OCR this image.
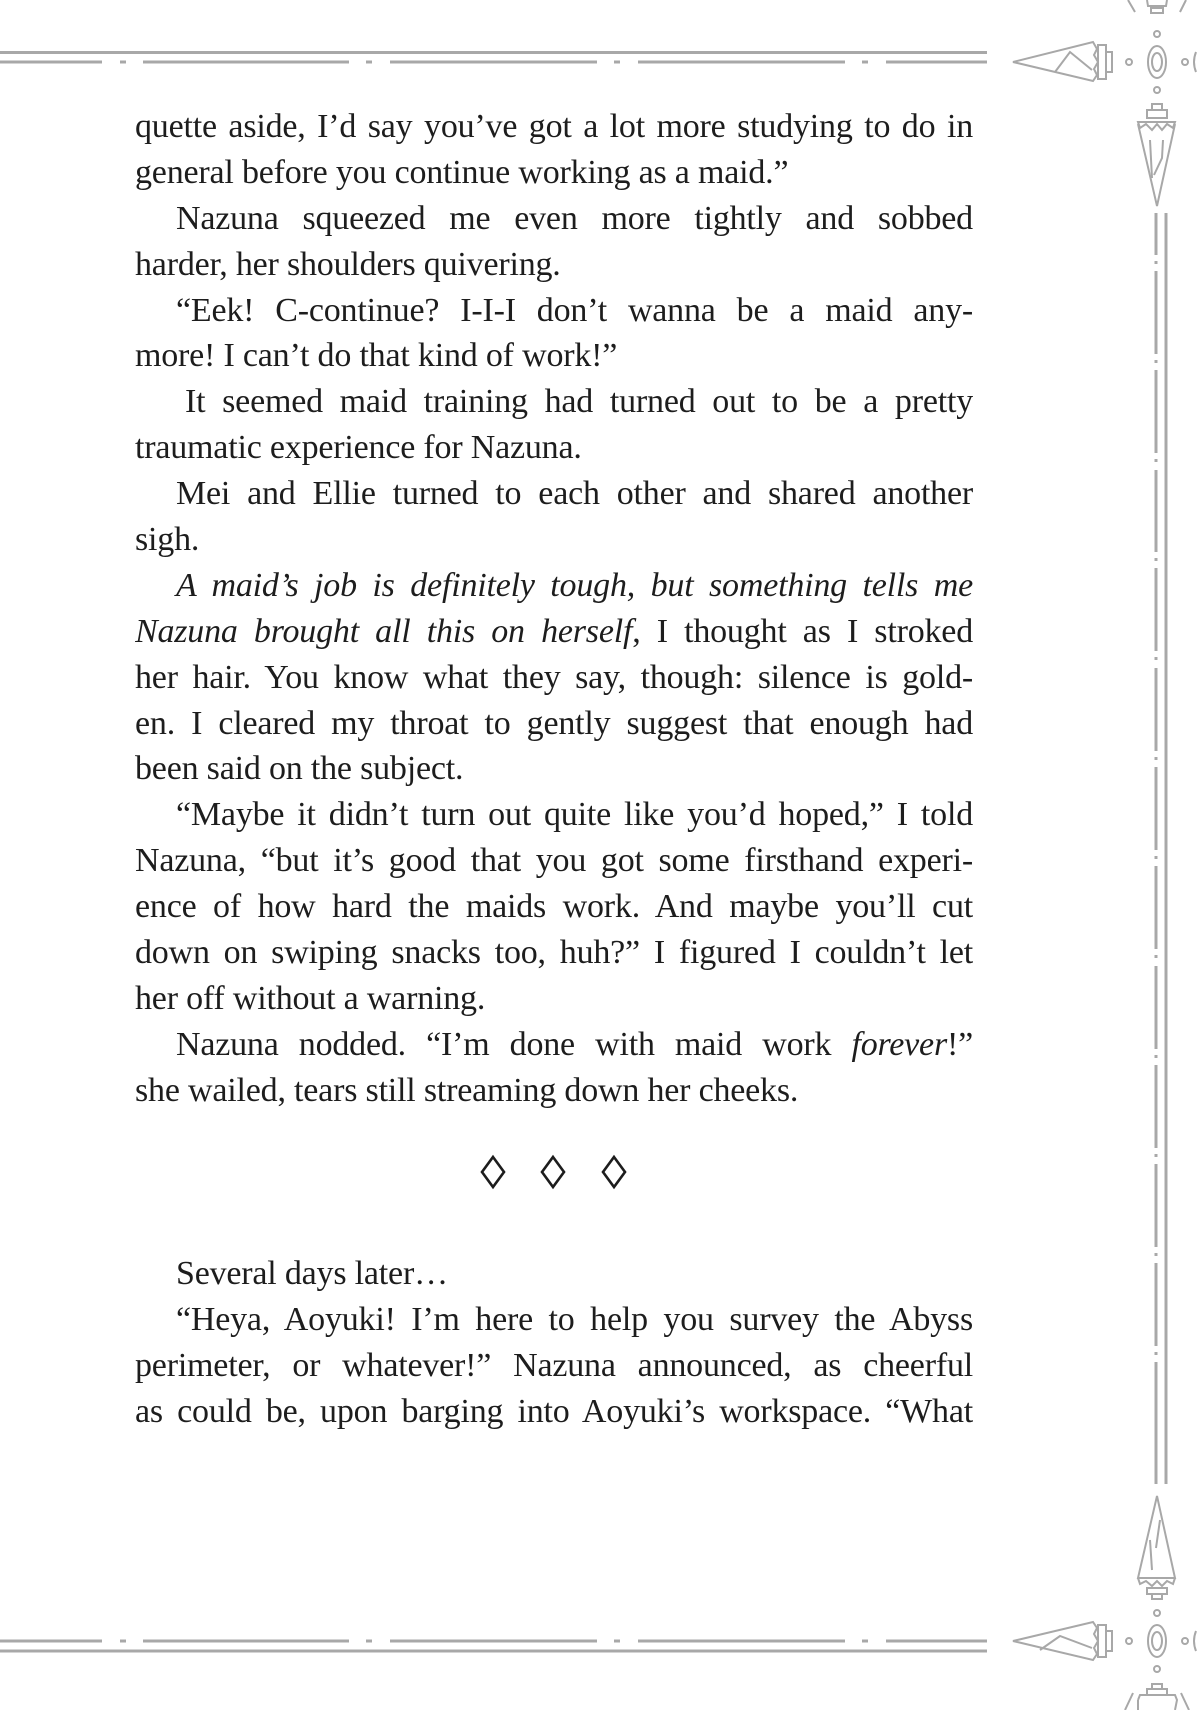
quette aside, I’d say you’ve got a lot more studying to do in
general before you continue working as a maid.”
Nazuna squeezed me even more tightly and sobbed
harder, her shoulders quivering.
“Eek! C-continue? I-I-I don’t wanna be a maid any-
more! I can’t do that kind of work!”
It seemed maid training had turned out to be a pretty
traumatic experience for Nazuna.
Mei and Ellie turned to each other and shared another
sigh.
A maid’s job is definitely tough, but something tells me
Nazuna brought all this on herself, I thought as I stroked
her hair. You know what they say, though: silence is gold-
en. I cleared my throat to gently suggest that enough had
been said on the subject.
“Maybe it didn’t turn out quite like you’d hoped,” I told
Nazuna, “but it’s good that you got some firsthand experi-
ence of how hard the maids work. And maybe you’ll cut
down on swiping snacks too, huh?” I figured I couldn’t let
her off without a warning.
Nazuna nodded. “I’m done with maid work forever!”
she wailed, tears still streaming down her cheeks.
Several days later…
“Heya, Aoyuki! I’m here to help you survey the Abyss
perimeter, or whatever!” Nazuna announced, as cheerful
as could be, upon barging into Aoyuki’s workspace. “What
